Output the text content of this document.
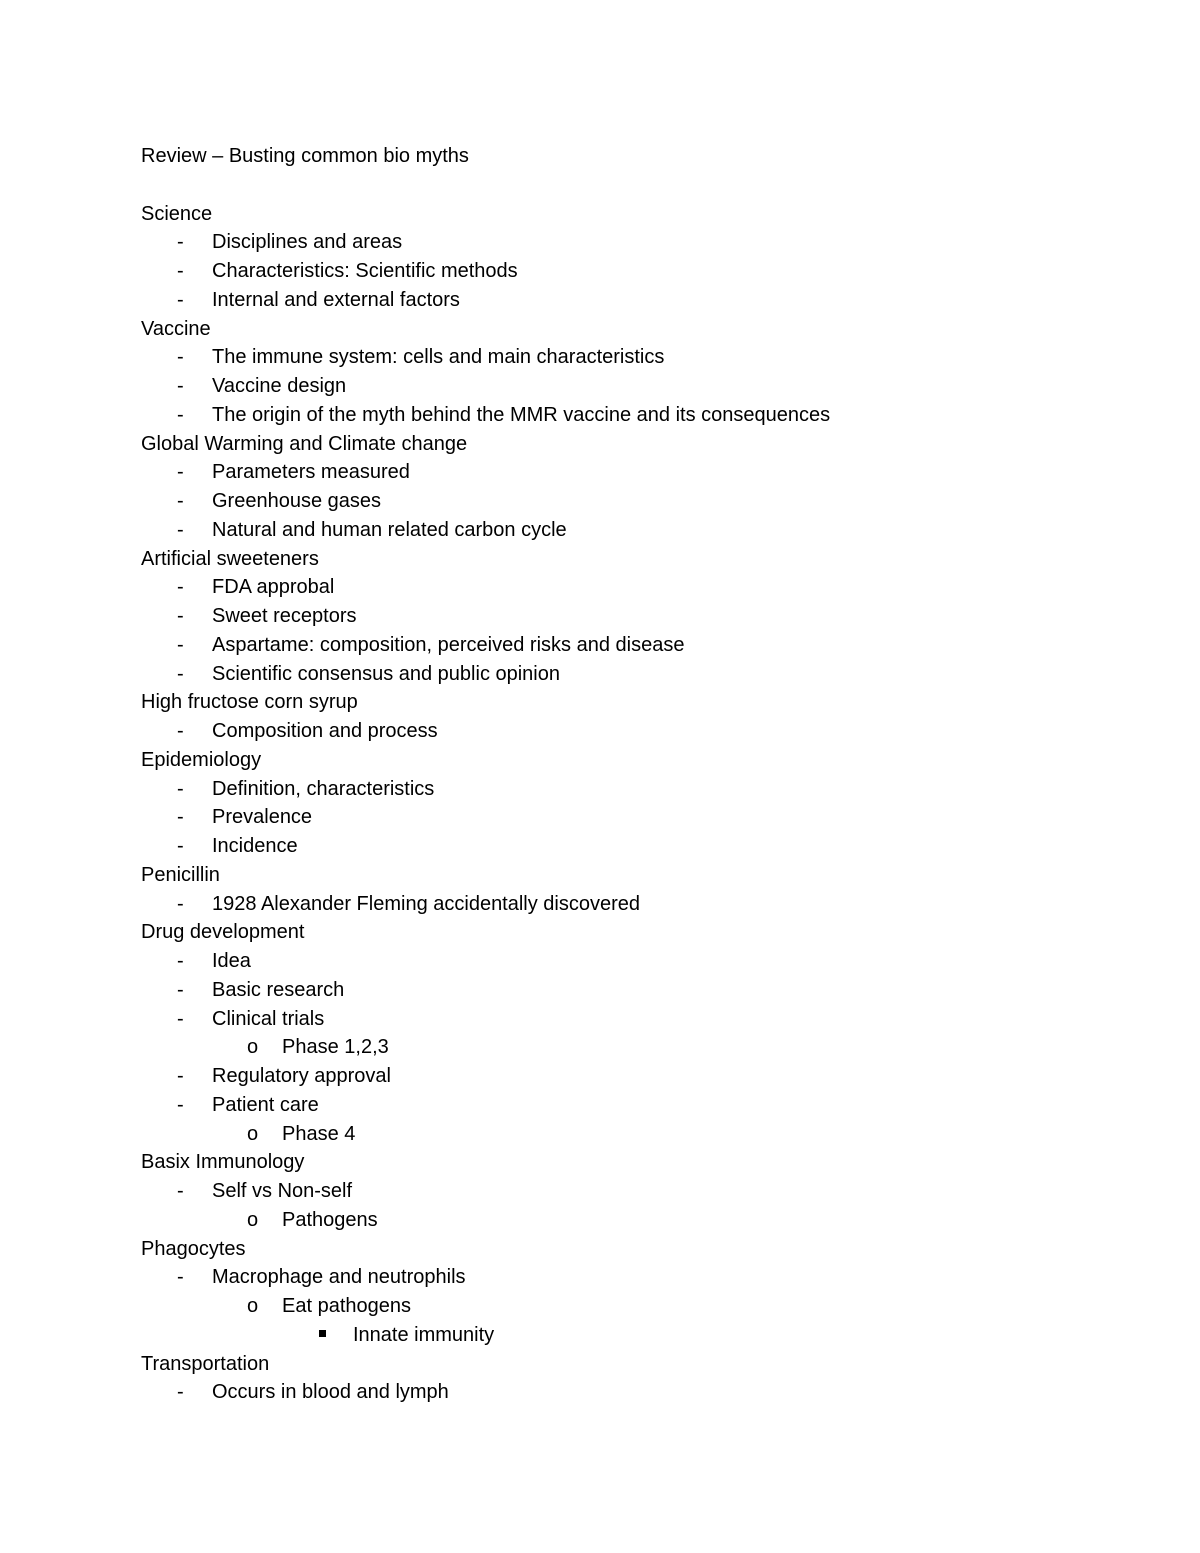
Review – Busting common bio myths
Science
- Disciplines and areas
- Characteristics: Scientific methods
- Internal and external factors
Vaccine
- The immune system: cells and main characteristics
- Vaccine design
- The origin of the myth behind the MMR vaccine and its consequences
Global Warming and Climate change
- Parameters measured
- Greenhouse gases
- Natural and human related carbon cycle
Artificial sweeteners
- FDA approbal
- Sweet receptors
- Aspartame: composition, perceived risks and disease
- Scientific consensus and public opinion
High fructose corn syrup
- Composition and process
Epidemiology
- Definition, characteristics
- Prevalence
- Incidence
Penicillin
- 1928 Alexander Fleming accidentally discovered
Drug development
- Idea
- Basic research
- Clinical trials
o Phase 1,2,3
- Regulatory approval
- Patient care
o Phase 4
Basix Immunology
- Self vs Non-self
o Pathogens
Phagocytes
- Macrophage and neutrophils
o Eat pathogens
Innate immunity
Transportation
- Occurs in blood and lymph
